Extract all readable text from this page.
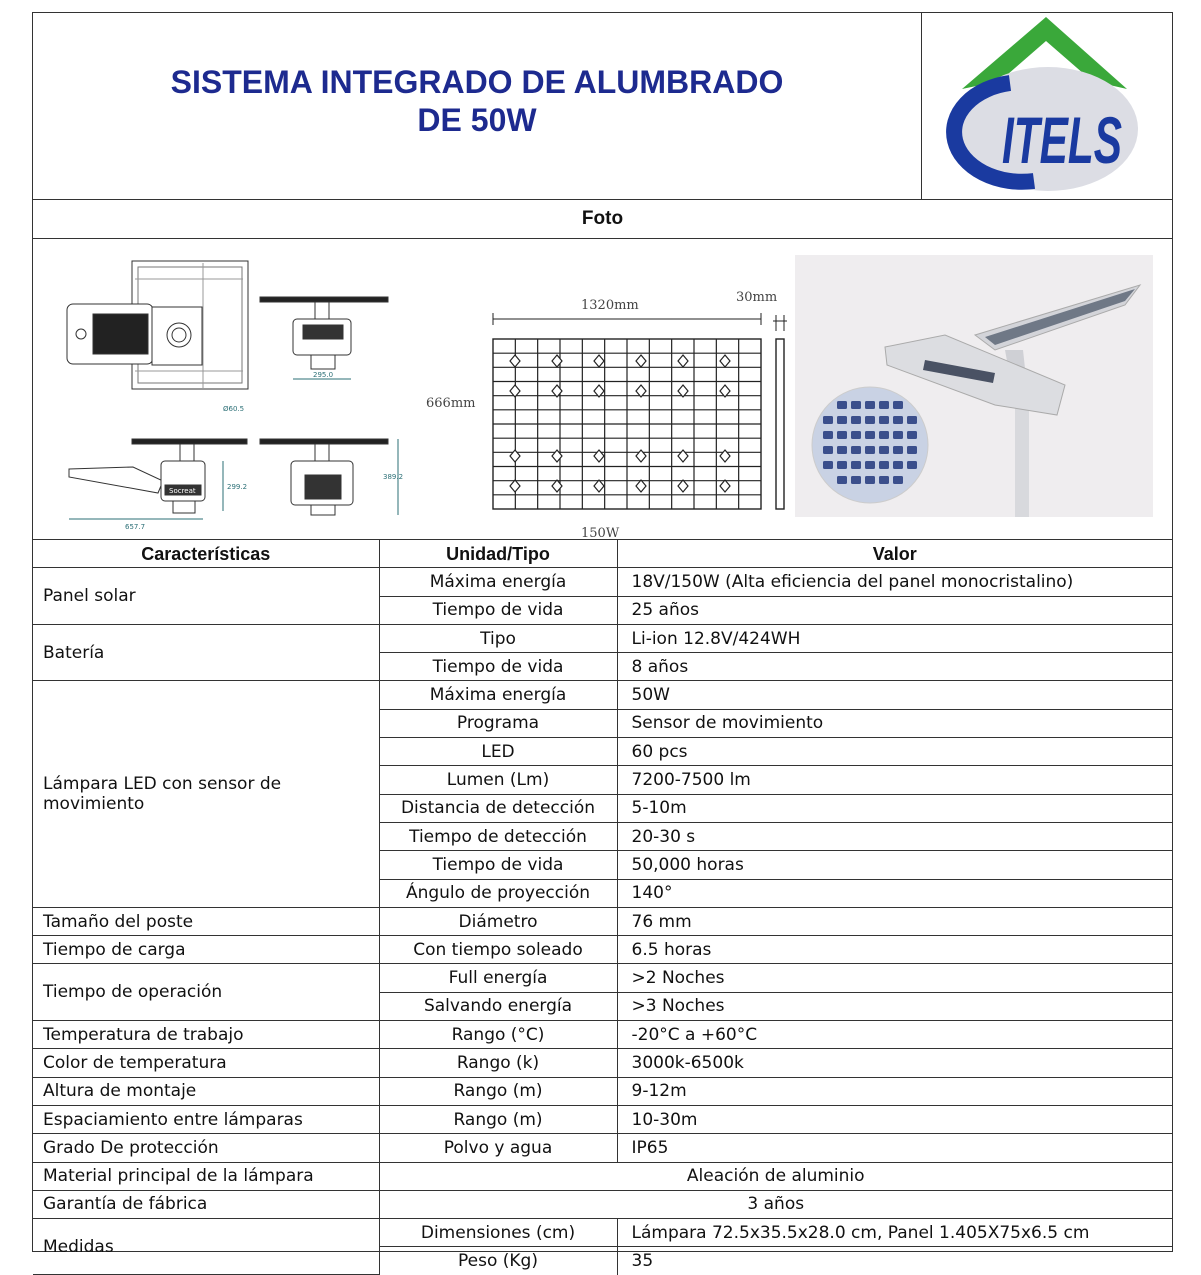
SISTEMA INTEGRADO DE ALUMBRADO
DE 50W	ITELS
Foto
Ø60.5
295.0
Socreat
657.7
299.2
389.2
1320mm
666mm
30mm
150W
Características	Unidad/Tipo	Valor
Panel solar	Máxima energía	18V/150W (Alta eficiencia del panel monocristalino)
	Tiempo de vida	25 años
Batería	Tipo	Li-ion 12.8V/424WH
	Tiempo de vida	8 años

Lámpara LED con sensor de movimiento	Máxima energía	50W
	Programa	Sensor de movimiento
	LED	60 pcs
	Lumen (Lm)	7200-7500 lm
	Distancia de detección	5-10m
	Tiempo de detección	20-30 s
	Tiempo de vida	50,000 horas
	Ángulo de proyección	140°
Tamaño del poste	Diámetro	76 mm
Tiempo de carga	Con tiempo soleado	6.5 horas
Tiempo de operación	Full energía	>2 Noches
	Salvando energía	>3 Noches
Temperatura de trabajo	Rango (°C)	-20°C a +60°C
Color de temperatura	Rango (k)	3000k-6500k
Altura de montaje	Rango (m)	9-12m
Espaciamiento entre lámparas	Rango (m)	10-30m
Grado De protección	Polvo y agua	IP65
Material principal de la lámpara	Aleación de aluminio	
Garantía de fábrica	3 años	
Medidas	Dimensiones (cm)	Lámpara 72.5x35.5x28.0 cm, Panel 1.405X75x6.5 cm
	Peso (Kg)	35
